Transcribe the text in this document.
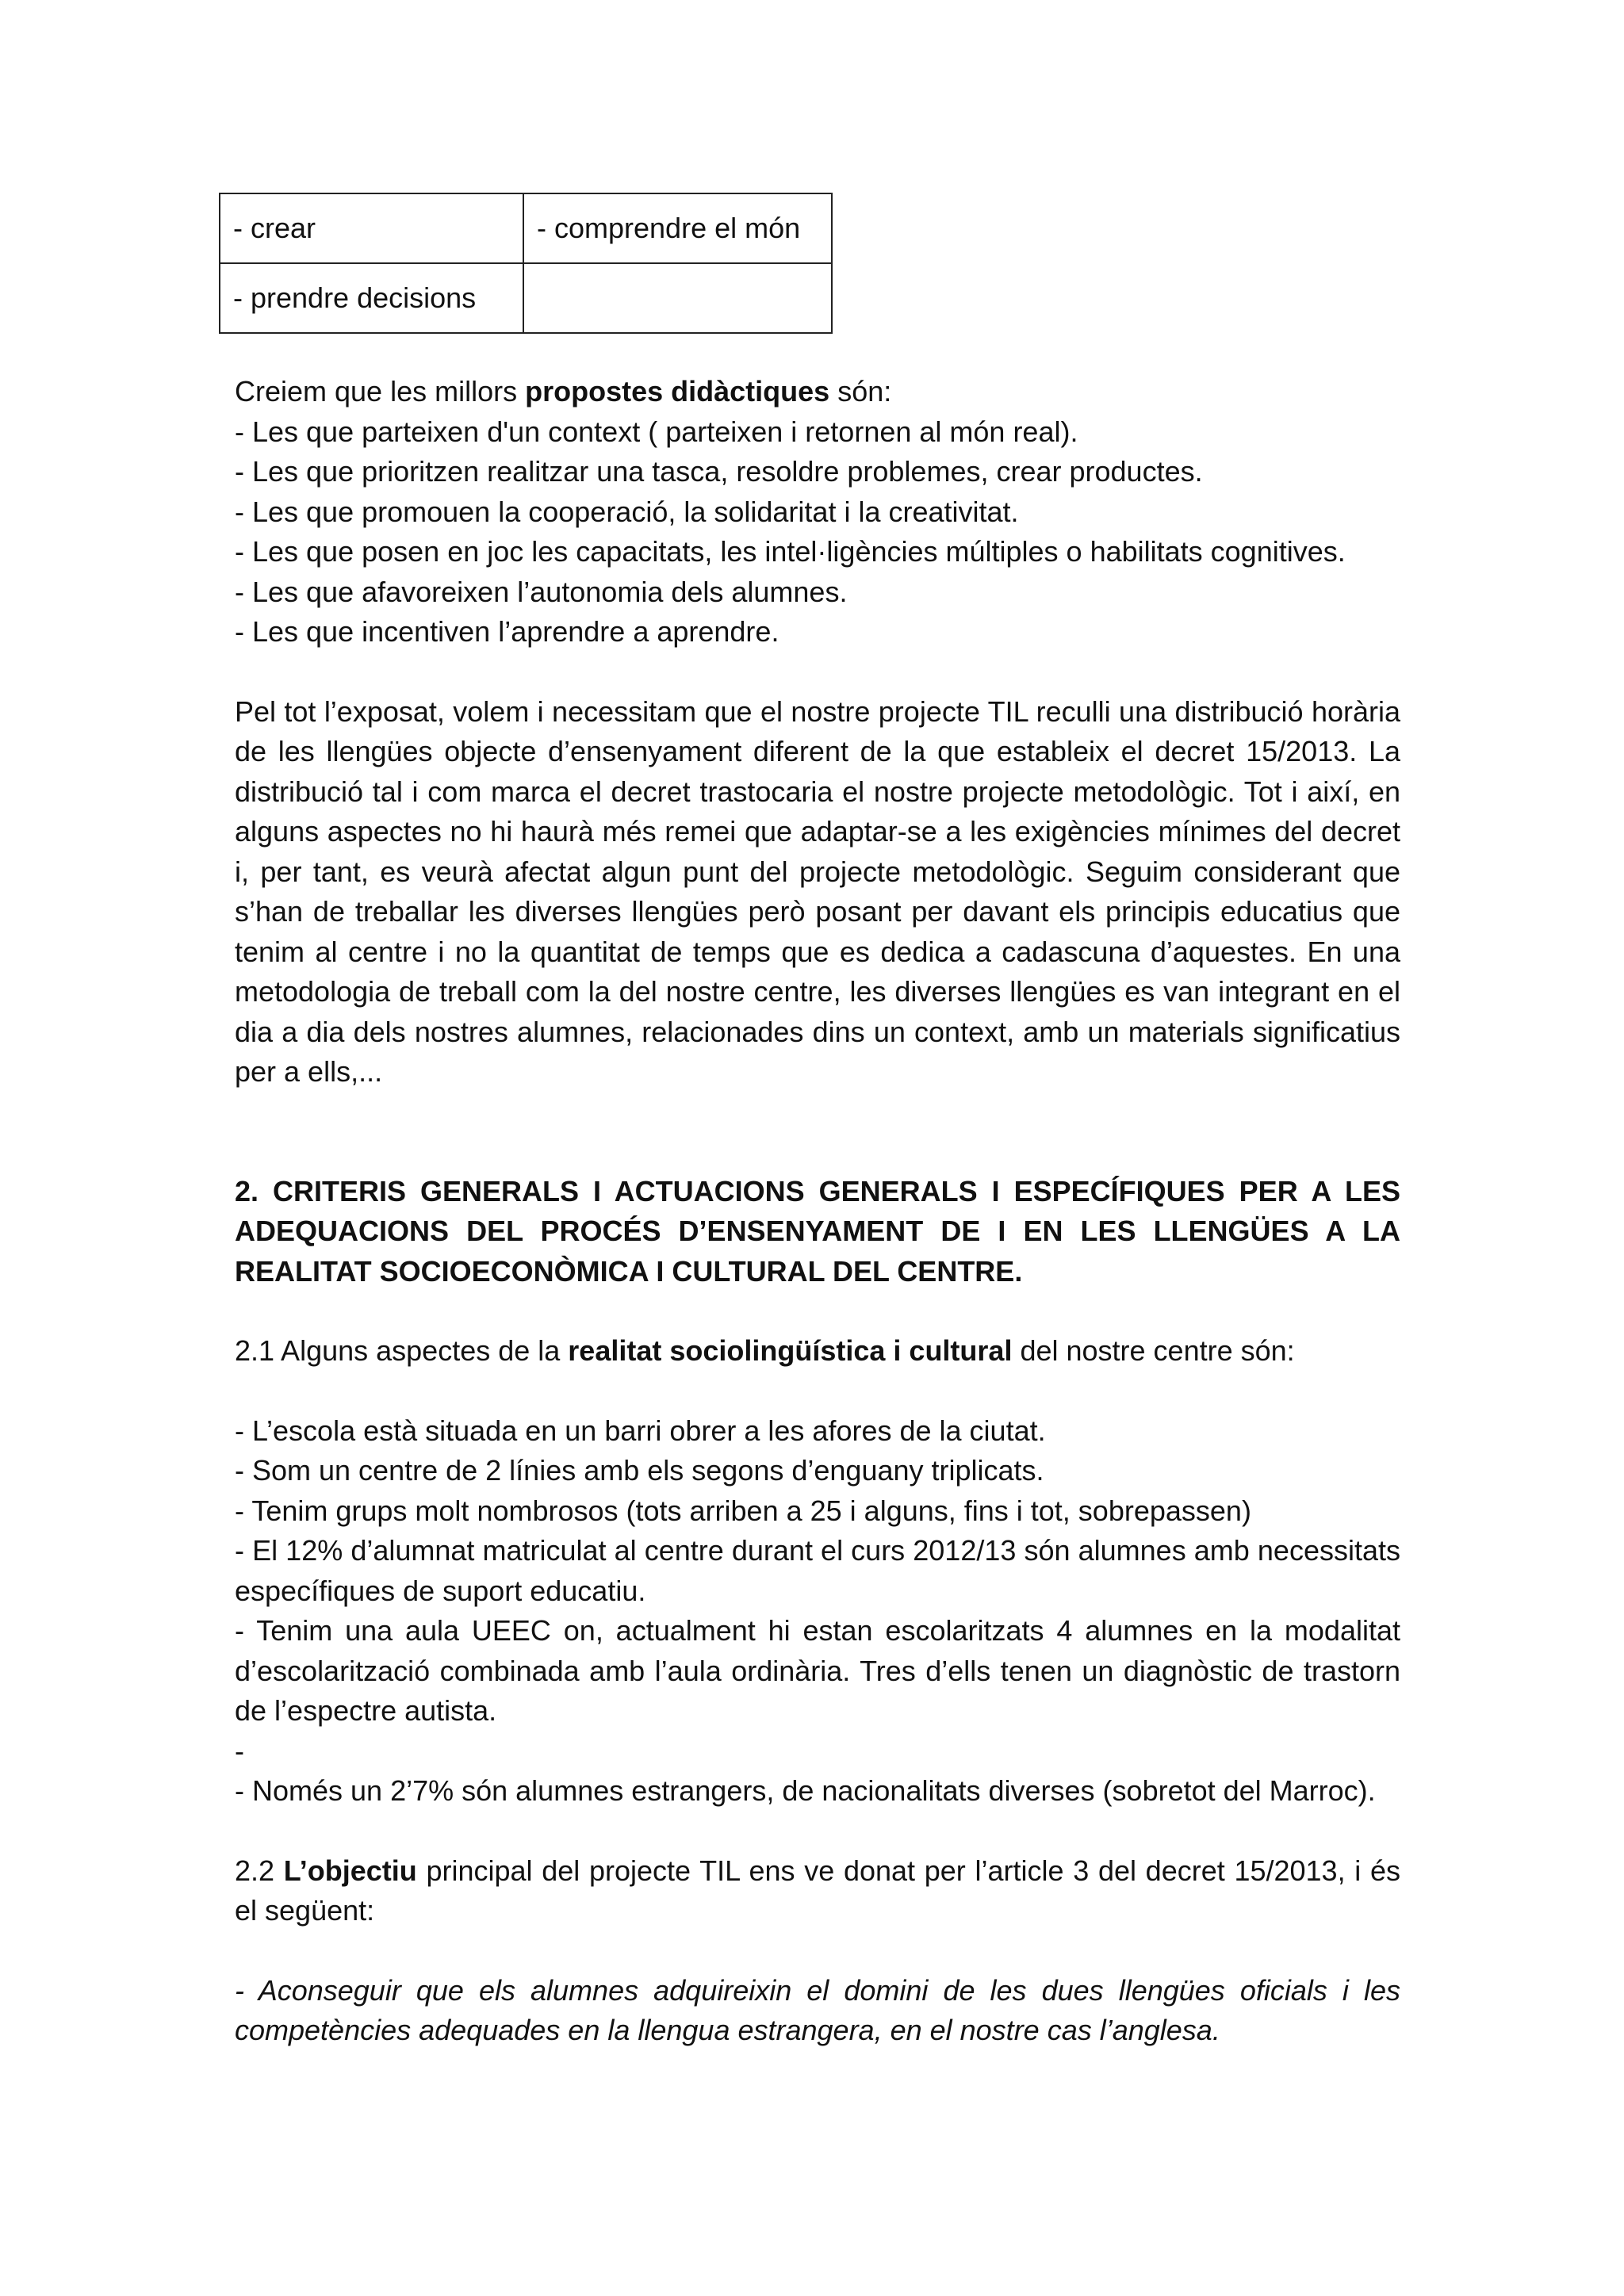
- crear	- comprendre el món
- prendre decisions	
Creiem que les millors propostes didàctiques són:
- Les que parteixen d'un context ( parteixen i retornen al món real).
- Les que prioritzen realitzar una tasca, resoldre problemes, crear productes.
- Les que promouen la cooperació, la solidaritat i la creativitat.
- Les que posen en joc les capacitats, les intel·ligències múltiples o habilitats cognitives.
- Les que afavoreixen l’autonomia dels alumnes.
- Les que incentiven l’aprendre a aprendre.

Pel tot l’exposat, volem i necessitam que el nostre projecte TIL reculli una distribució horària de les llengües objecte d’ensenyament diferent de la que estableix el decret 15/2013. La distribució tal i com marca el decret trastocaria el nostre projecte metodològic. Tot i així, en alguns aspectes no hi haurà més remei que adaptar-se a les exigències mínimes del decret i, per tant, es veurà afectat algun punt del projecte metodològic. Seguim considerant que s’han de treballar les diverses llengües però posant per davant els principis educatius que tenim al centre i no la quantitat de temps que es dedica a cadascuna d’aquestes. En una metodologia de treball com la del nostre centre, les diverses llengües es van integrant en el dia a dia dels nostres alumnes, relacionades dins un context, amb un materials significatius per a ells,...

2. CRITERIS GENERALS I ACTUACIONS GENERALS I ESPECÍFIQUES PER A LES ADEQUACIONS DEL PROCÉS D’ENSENYAMENT DE I EN LES LLENGÜES A LA REALITAT SOCIOECONÒMICA I CULTURAL DEL CENTRE.

2.1 Alguns aspectes de la realitat sociolingüística i cultural del nostre centre són:

- L’escola està situada en un barri obrer a les afores de la ciutat.
- Som un centre de 2 línies amb els segons d’enguany triplicats.
- Tenim grups molt nombrosos (tots arriben a 25 i alguns, fins i tot, sobrepassen)
- El 12% d’alumnat matriculat al centre durant el curs 2012/13 són alumnes amb necessitats específiques de suport educatiu.
- Tenim una aula UEEC on, actualment hi estan escolaritzats 4 alumnes en la modalitat d’escolarització combinada amb l’aula ordinària. Tres d’ells tenen un diagnòstic de trastorn de l’espectre autista.
-
- Només un 2’7% són alumnes estrangers, de nacionalitats diverses (sobretot del Marroc).

2.2 L’objectiu principal del projecte TIL ens ve donat per l’article 3 del decret 15/2013, i és el següent:

- Aconseguir que els alumnes adquireixin el domini de les dues llengües oficials i les competències adequades en la llengua estrangera, en el nostre cas l’anglesa.
